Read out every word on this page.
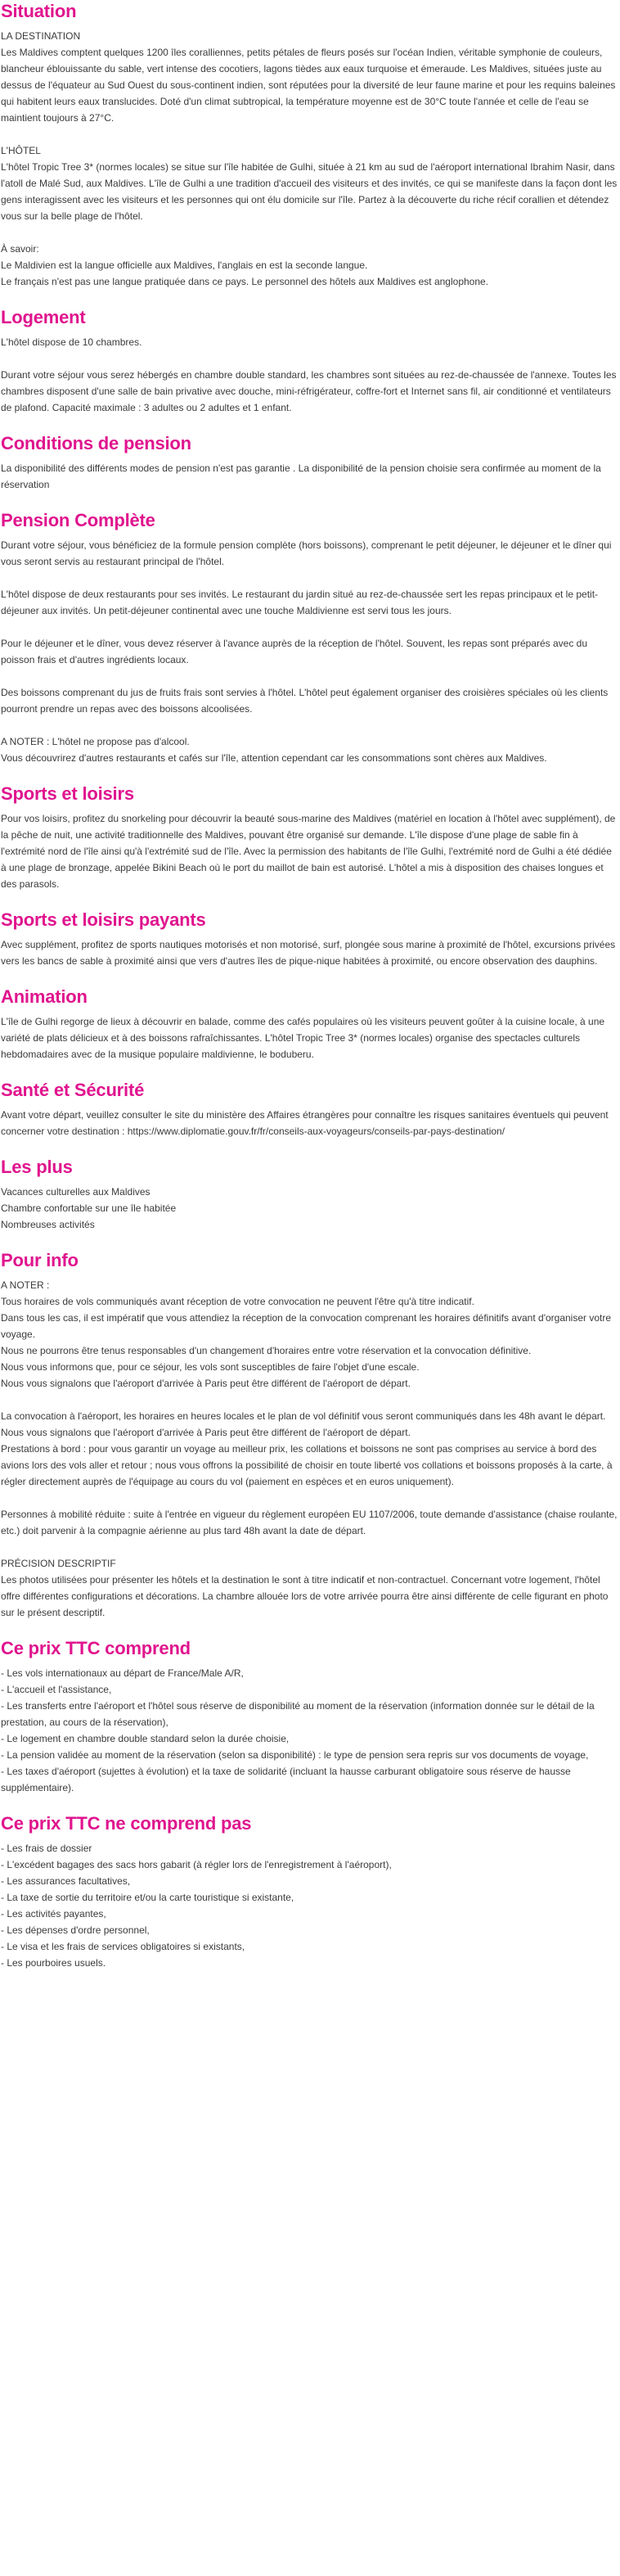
Situation

LA DESTINATION
Les Maldives comptent quelques 1200 îles coralliennes, petits pétales de fleurs posés sur l'océan Indien, véritable symphonie de couleurs, blancheur éblouissante du sable, vert intense des cocotiers, lagons tièdes aux eaux turquoise et émeraude. Les Maldives, situées juste au dessus de l'équateur au Sud Ouest du sous-continent indien, sont réputées pour la diversité de leur faune marine et pour les requins baleines qui habitent leurs eaux translucides. Doté d'un climat subtropical, la température moyenne est de 30°C toute l'année et celle de l'eau se maintient toujours à 27°C.

L'HÔTEL
L'hôtel Tropic Tree 3* (normes locales) se situe sur l'île habitée de Gulhi, située à 21 km au sud de l'aéroport international Ibrahim Nasir, dans l'atoll de Malé Sud, aux Maldives. L'île de Gulhi a une tradition d'accueil des visiteurs et des invités, ce qui se manifeste dans la façon dont les gens interagissent avec les visiteurs et les personnes qui ont élu domicile sur l'île. Partez à la découverte du riche récif corallien et détendez vous sur la belle plage de l'hôtel.

À savoir:
Le Maldivien est la langue officielle aux Maldives, l'anglais en est la seconde langue.
Le français n'est pas une langue pratiquée dans ce pays. Le personnel des hôtels aux Maldives est anglophone.

Logement

L'hôtel dispose de 10 chambres.

Durant votre séjour vous serez hébergés en chambre double standard, les chambres sont situées au rez-de-chaussée de l'annexe. Toutes les chambres disposent d'une salle de bain privative avec douche, mini-réfrigérateur, coffre-fort et Internet sans fil, air conditionné et ventilateurs de plafond. Capacité maximale : 3 adultes ou 2 adultes et 1 enfant.

Conditions de pension

La disponibilité des différents modes de pension n'est pas garantie . La disponibilité de la pension choisie sera confirmée au moment de la réservation

Pension Complète

Durant votre séjour, vous bénéficiez de la formule pension complète (hors boissons), comprenant le petit déjeuner, le déjeuner et le dîner qui vous seront servis au restaurant principal de l'hôtel.

L'hôtel dispose de deux restaurants pour ses invités. Le restaurant du jardin situé au rez-de-chaussée sert les repas principaux et le petit-déjeuner aux invités. Un petit-déjeuner continental avec une touche Maldivienne est servi tous les jours.

Pour le déjeuner et le dîner, vous devez réserver à l'avance auprès de la réception de l'hôtel. Souvent, les repas sont préparés avec du poisson frais et d'autres ingrédients locaux.

Des boissons comprenant du jus de fruits frais sont servies à l'hôtel. L'hôtel peut également organiser des croisières spéciales où les clients pourront prendre un repas avec des boissons alcoolisées.

A NOTER : L'hôtel ne propose pas d'alcool.
Vous découvrirez d'autres restaurants et cafés sur l'île, attention cependant car les consommations sont chères aux Maldives.

Sports et loisirs

Pour vos loisirs, profitez du snorkeling pour découvrir la beauté sous-marine des Maldives (matériel en location à l'hôtel avec supplément), de la pêche de nuit, une activité traditionnelle des Maldives, pouvant être organisé sur demande. L'île dispose d'une plage de sable fin à l'extrémité nord de l'île ainsi qu'à l'extrémité sud de l'île. Avec la permission des habitants de l'île Gulhi, l'extrémité nord de Gulhi a été dédiée à une plage de bronzage, appelée Bikini Beach où le port du maillot de bain est autorisé. L'hôtel a mis à disposition des chaises longues et des parasols.

Sports et loisirs payants

Avec supplément, profitez de sports nautiques motorisés et non motorisé, surf, plongée sous marine à proximité de l'hôtel, excursions privées vers les bancs de sable à proximité ainsi que vers d'autres îles de pique-nique habitées à proximité, ou encore observation des dauphins.

Animation

L'île de Gulhi regorge de lieux à découvrir en balade, comme des cafés populaires où les visiteurs peuvent goûter à la cuisine locale, à une variété de plats délicieux et à des boissons rafraîchissantes. L'hôtel Tropic Tree 3* (normes locales) organise des spectacles culturels hebdomadaires avec de la musique populaire maldivienne, le boduberu.

Santé et Sécurité

Avant votre départ, veuillez consulter le site du ministère des Affaires étrangères pour connaître les risques sanitaires éventuels qui peuvent concerner votre destination : https://www.diplomatie.gouv.fr/fr/conseils-aux-voyageurs/conseils-par-pays-destination/

Les plus

Vacances culturelles aux Maldives
Chambre confortable sur une île habitée
Nombreuses activités

Pour info

A NOTER :
Tous horaires de vols communiqués avant réception de votre convocation ne peuvent l'être qu'à titre indicatif.
Dans tous les cas, il est impératif que vous attendiez la réception de la convocation comprenant les horaires définitifs avant d'organiser votre voyage.
Nous ne pourrons être tenus responsables d'un changement d'horaires entre votre réservation et la convocation définitive.
Nous vous informons que, pour ce séjour, les vols sont susceptibles de faire l'objet d'une escale.
Nous vous signalons que l'aéroport d'arrivée à Paris peut être différent de l'aéroport de départ.

La convocation à l'aéroport, les horaires en heures locales et le plan de vol définitif vous seront communiqués dans les 48h avant le départ.
Nous vous signalons que l'aéroport d'arrivée à Paris peut être différent de l'aéroport de départ.
Prestations à bord : pour vous garantir un voyage au meilleur prix, les collations et boissons ne sont pas comprises au service à bord des avions lors des vols aller et retour ; nous vous offrons la possibilité de choisir en toute liberté vos collations et boissons proposés à la carte, à régler directement auprès de l'équipage au cours du vol (paiement en espèces et en euros uniquement).

Personnes à mobilité réduite : suite à l'entrée en vigueur du règlement européen EU 1107/2006, toute demande d'assistance (chaise roulante, etc.) doit parvenir à la compagnie aérienne au plus tard 48h avant la date de départ.

PRÉCISION DESCRIPTIF
Les photos utilisées pour présenter les hôtels et la destination le sont à titre indicatif et non-contractuel. Concernant votre logement, l'hôtel offre différentes configurations et décorations. La chambre allouée lors de votre arrivée pourra être ainsi différente de celle figurant en photo sur le présent descriptif.

Ce prix TTC comprend

- Les vols internationaux au départ de France/Male A/R,
- L'accueil et l'assistance,
- Les transferts entre l'aéroport et l'hôtel sous réserve de disponibilité au moment de la réservation (information donnée sur le détail de la prestation, au cours de la réservation),
- Le logement en chambre double standard selon la durée choisie,
- La pension validée au moment de la réservation (selon sa disponibilité) : le type de pension sera repris sur vos documents de voyage,
- Les taxes d'aéroport (sujettes à évolution) et la taxe de solidarité (incluant la hausse carburant obligatoire sous réserve de hausse supplémentaire).

Ce prix TTC ne comprend pas

- Les frais de dossier
- L'excédent bagages des sacs hors gabarit (à régler lors de l'enregistrement à l'aéroport),
- Les assurances facultatives,
- La taxe de sortie du territoire et/ou la carte touristique si existante,
- Les activités payantes,
- Les dépenses d'ordre personnel,
- Le visa et les frais de services obligatoires si existants,
- Les pourboires usuels.
